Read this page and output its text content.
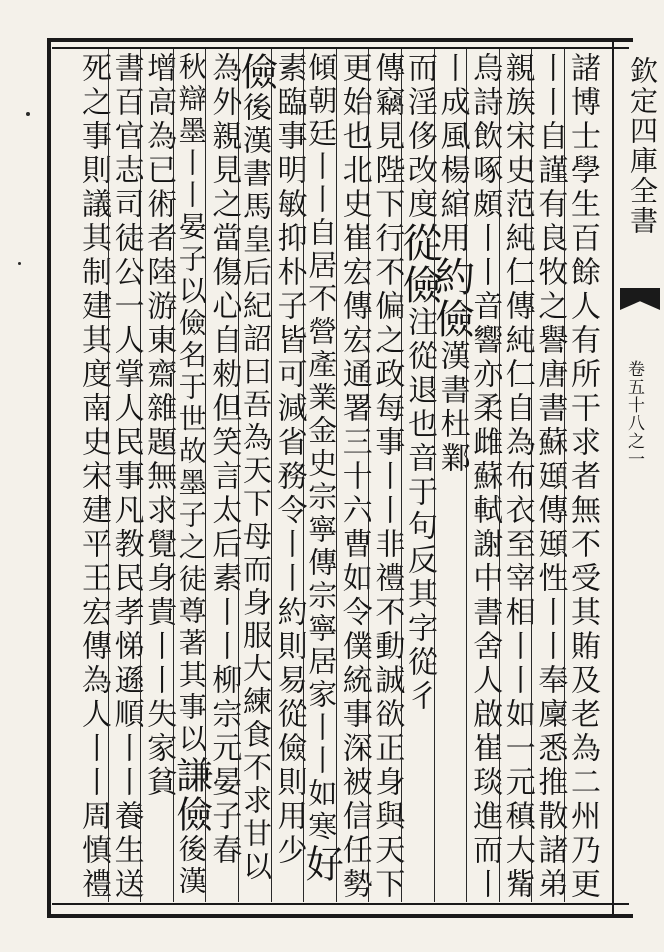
欽定四庫全書
卷五十八之一
諸博士學生百餘人有所干求者無不受其賄及老為二州乃更
丨丨自謹有良牧之譽唐書蘇頲傳頲性丨丨奉廩悉推散諸弟
親族宋史范純仁傳純仁自為布衣至宰相丨丨如一元稹大觜
烏詩飲啄頗丨丨音響亦柔雌蘇軾謝中書舍人啟崔琰進而丨
丨成風楊綰用約儉漢書杜鄴
而淫侈改度從儉注從退也音于句反其字從彳
傳竊見陛下行不偏之政每事丨丨非禮不動誠欲正身與天下
更始也北史崔宏傳宏通署三十六曹如令僕統事深被信任勢
傾朝廷丨丨自居不營產業金史宗寧傳宗寧居家丨丨如寒好
素臨事明敏抑朴子皆可減省務令丨丨約則易從儉則用少
儉後漢書馬皇后紀詔曰吾為天下母而身服大練食不求甘以
為外親見之當傷心自勑但笑言太后素丨丨柳宗元晏子春
秋辯墨丨丨晏子以儉名于世故墨子之徒尊著其事以謙儉後漢
增高為已術者陸游東齋雜題無求覺身貴丨丨失家貧
書百官志司徒公一人掌人民事凡教民孝悌遜順丨丨養生送
死之事則議其制建其度南史宋建平王宏傳為人丨丨周慎禮
